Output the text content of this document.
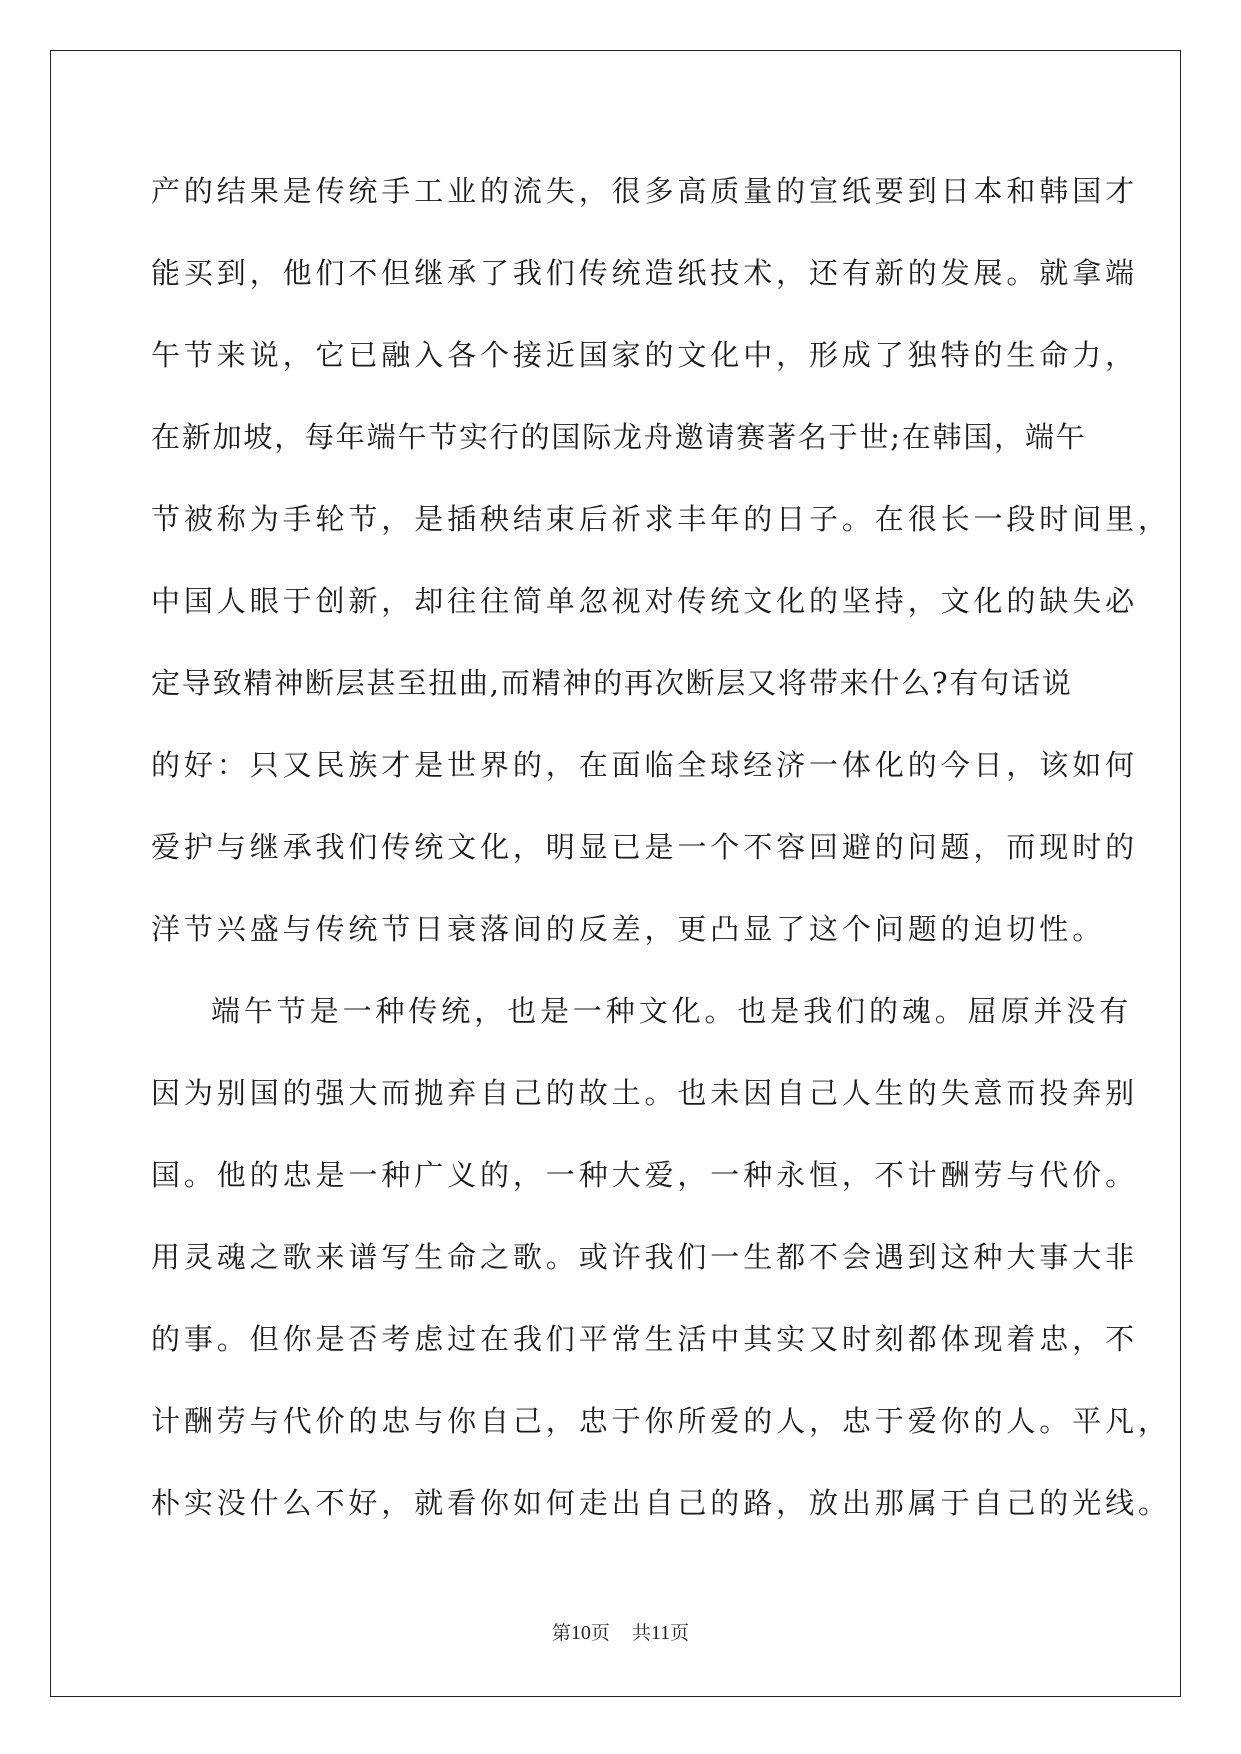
产的结果是传统手工业的流失，很多高质量的宣纸要到日本和韩国才
能买到，他们不但继承了我们传统造纸技术，还有新的发展。就拿端
午节来说，它已融入各个接近国家的文化中，形成了独特的生命力，
在新加坡，每年端午节实行的国际龙舟邀请赛著名于世;在韩国，端午
节被称为手轮节，是插秧结束后祈求丰年的日子。在很长一段时间里，
中国人眼于创新，却往往简单忽视对传统文化的坚持，文化的缺失必
定导致精神断层甚至扭曲,而精神的再次断层又将带来什么?有句话说
的好：只又民族才是世界的，在面临全球经济一体化的今日，该如何
爱护与继承我们传统文化，明显已是一个不容回避的问题，而现时的
洋节兴盛与传统节日衰落间的反差，更凸显了这个问题的迫切性。
端午节是一种传统，也是一种文化。也是我们的魂。屈原并没有
因为别国的强大而抛弃自己的故土。也未因自己人生的失意而投奔别
国。他的忠是一种广义的，一种大爱，一种永恒，不计酬劳与代价。
用灵魂之歌来谱写生命之歌。或许我们一生都不会遇到这种大事大非
的事。但你是否考虑过在我们平常生活中其实又时刻都体现着忠，不
计酬劳与代价的忠与你自己，忠于你所爱的人，忠于爱你的人。平凡，
朴实没什么不好，就看你如何走出自己的路，放出那属于自己的光线。
第10页 共11页
